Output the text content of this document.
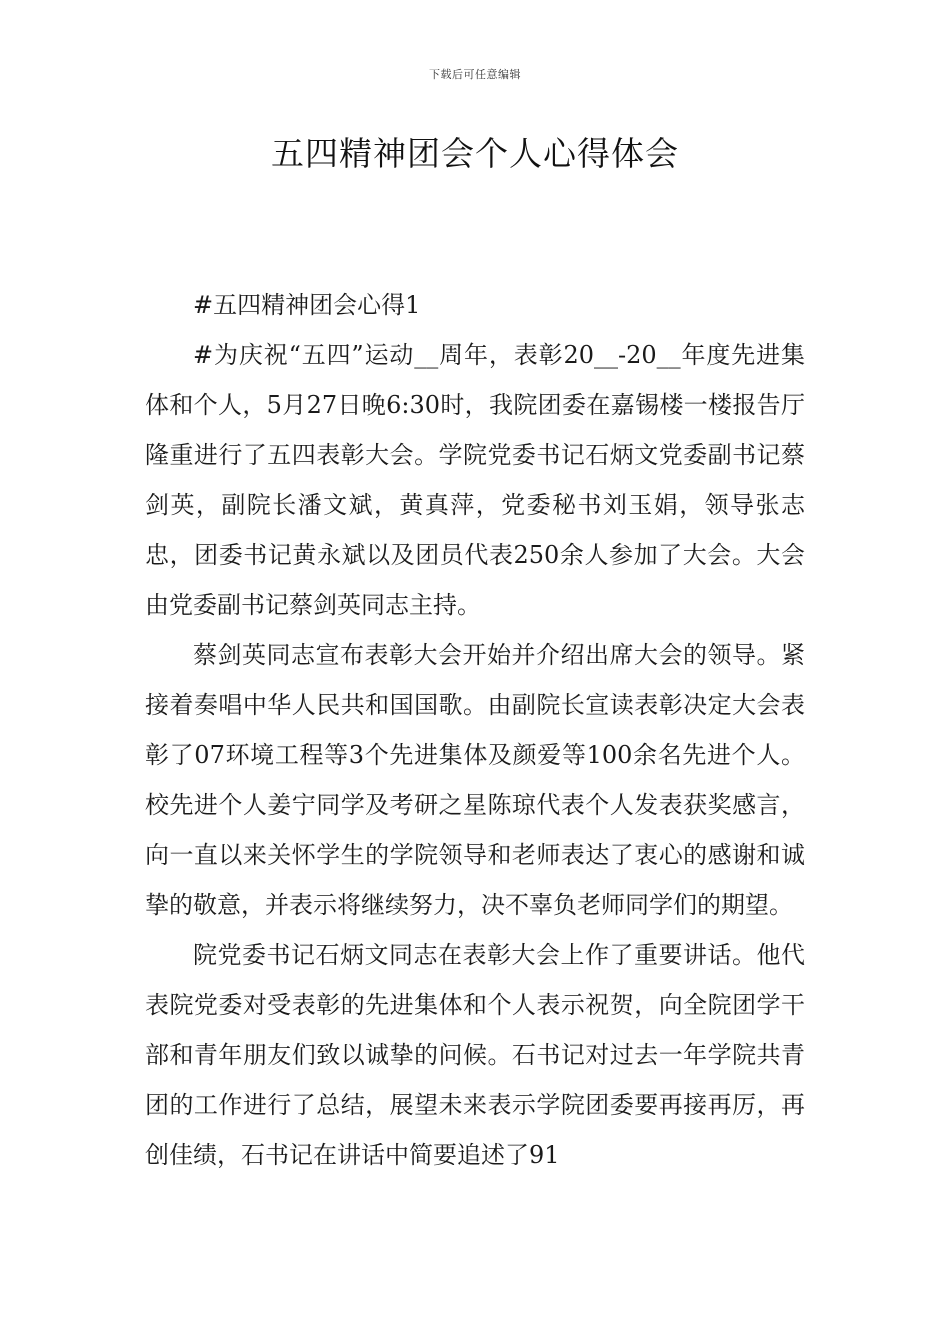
下载后可任意编辑
五四精神团会个人心得体会

#五四精神团会心得1

#为庆祝“五四”运动__周年，表彰20__-20__年度先进集体和个人，5月27日晚6:30时，我院团委在嘉锡楼一楼报告厅隆重进行了五四表彰大会。学院党委书记石炳文党委副书记蔡剑英，副院长潘文斌，黄真萍，党委秘书刘玉娟，领导张志忠，团委书记黄永斌以及团员代表250余人参加了大会。大会由党委副书记蔡剑英同志主持。

蔡剑英同志宣布表彰大会开始并介绍出席大会的领导。紧接着奏唱中华人民共和国国歌。由副院长宣读表彰决定大会表彰了07环境工程等3个先进集体及颜爱等100余名先进个人。校先进个人姜宁同学及考研之星陈琼代表个人发表获奖感言，向一直以来关怀学生的学院领导和老师表达了衷心的感谢和诚挚的敬意，并表示将继续努力，决不辜负老师同学们的期望。

院党委书记石炳文同志在表彰大会上作了重要讲话。他代表院党委对受表彰的先进集体和个人表示祝贺，向全院团学干部和青年朋友们致以诚挚的问候。石书记对过去一年学院共青团的工作进行了总结，展望未来表示学院团委要再接再厉，再创佳绩，石书记在讲话中简要追述了91
